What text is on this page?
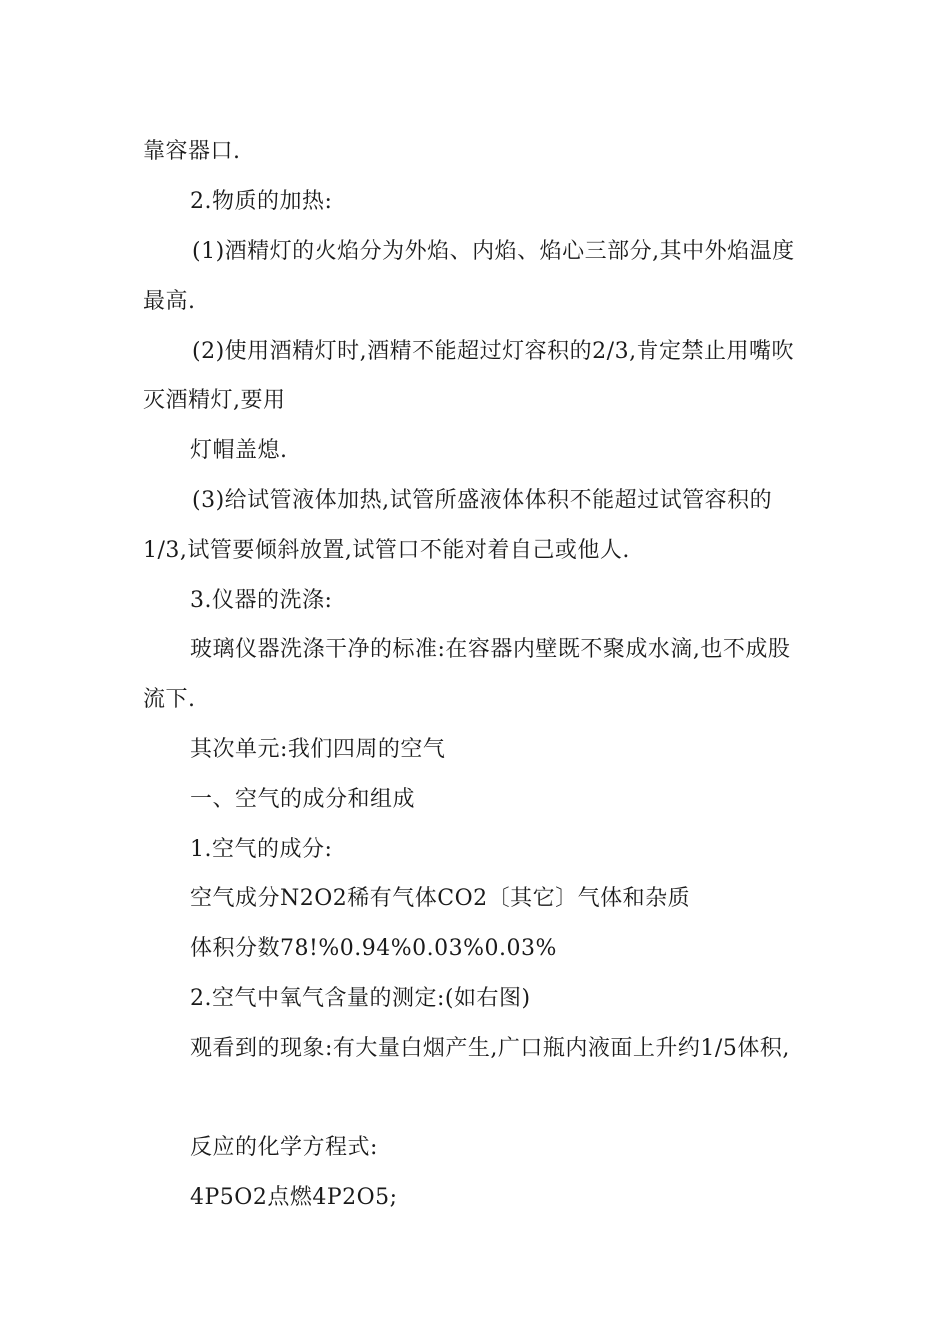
靠容器口.
2.物质的加热:
(1)酒精灯的火焰分为外焰、内焰、焰心三部分,其中外焰温度
最高.
(2)使用酒精灯时,酒精不能超过灯容积的2/3,肯定禁止用嘴吹
灭酒精灯,要用
灯帽盖熄.
(3)给试管液体加热,试管所盛液体体积不能超过试管容积的
1/3,试管要倾斜放置,试管口不能对着自己或他人.
3.仪器的洗涤:
玻璃仪器洗涤干净的标准:在容器内壁既不聚成水滴,也不成股
流下.
其次单元:我们四周的空气
一、空气的成分和组成
1.空气的成分:
空气成分N2O2稀有气体CO2〔其它〕气体和杂质
体积分数78!%0.94%0.03%0.03%
2.空气中氧气含量的测定:(如右图)
观看到的现象:有大量白烟产生,广口瓶内液面上升约1/5体积,
反应的化学方程式:
4P5O2点燃4P2O5;
